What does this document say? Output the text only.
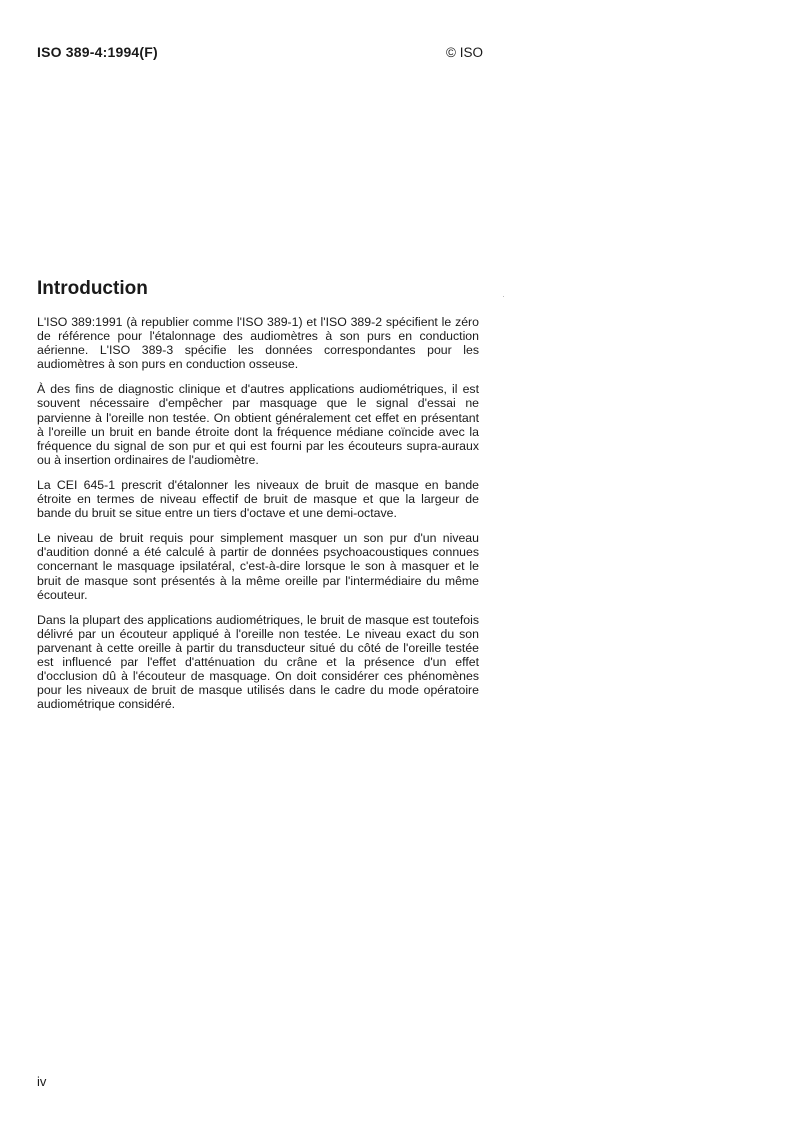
ISO 389-4:1994(F)	© ISO
Introduction

L'ISO 389:1991 (à republier comme l'ISO 389-1) et l'ISO 389-2 spécifient le zéro de référence pour l'étalonnage des audiomètres à son purs en conduction aérienne. L'ISO 389-3 spécifie les données correspondantes pour les audiomètres à son purs en conduction osseuse.

À des fins de diagnostic clinique et d'autres applications audiométriques, il est souvent nécessaire d'empêcher par masquage que le signal d'essai ne parvienne à l'oreille non testée. On obtient généralement cet effet en présentant à l'oreille un bruit en bande étroite dont la fréquence médiane coïncide avec la fréquence du signal de son pur et qui est fourni par les écouteurs supra-auraux ou à insertion ordinaires de l'audiomètre.

La CEI 645-1 prescrit d'étalonner les niveaux de bruit de masque en bande étroite en termes de niveau effectif de bruit de masque et que la largeur de bande du bruit se situe entre un tiers d'octave et une demi-octave.

Le niveau de bruit requis pour simplement masquer un son pur d'un niveau d'audition donné a été calculé à partir de données psychoacoustiques connues concernant le masquage ipsilatéral, c'est-à-dire lorsque le son à masquer et le bruit de masque sont présentés à la même oreille par l'intermédiaire du même écouteur.

Dans la plupart des applications audiométriques, le bruit de masque est toutefois délivré par un écouteur appliqué à l'oreille non testée. Le niveau exact du son parvenant à cette oreille à partir du transducteur situé du côté de l'oreille testée est influencé par l'effet d'atténuation du crâne et la présence d'un effet d'occlusion dû à l'écouteur de masquage. On doit considérer ces phénomènes pour les niveaux de bruit de masque utilisés dans le cadre du mode opératoire audiométrique considéré.

iv
